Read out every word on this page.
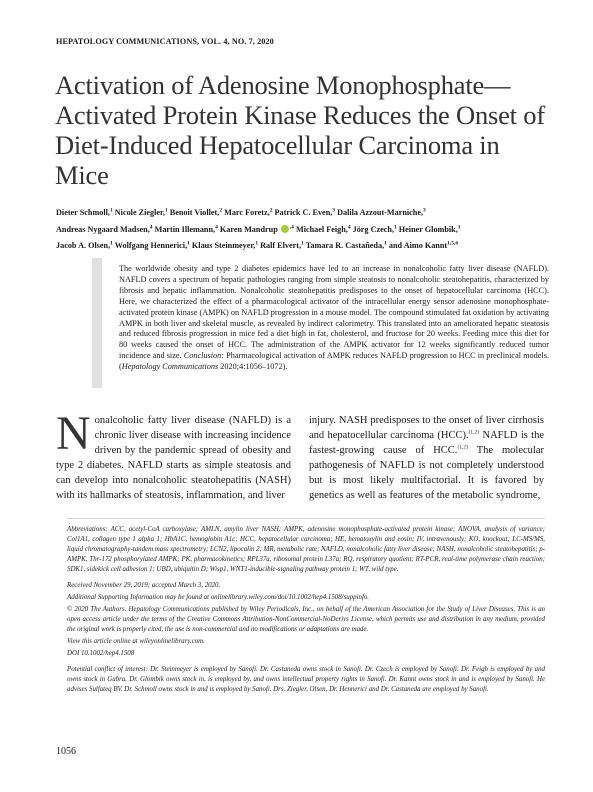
HEPATOLOGY COMMUNICATIONS, VOL. 4, NO. 7, 2020
Activation of Adenosine Monophosphate—Activated Protein Kinase Reduces the Onset of Diet-Induced Hepatocellular Carcinoma in Mice
Dieter Schmoll,$^1$ Nicole Ziegler,$^1$ Benoit Viollet,$^2$ Marc Foretz,$^2$ Patrick C. Even,$^3$ Dalila Azzout-Marniche,$^3$
Andreas Nygaard Madsen,$^4$ Martin Illemann,$^4$ Karen Mandrup $^{,4}$ Michael Feigh,$^4$ Jörg Czech,$^1$ Heiner Glombik,$^1$
Jacob A. Olsen,$^1$ Wolfgang Hennerici,$^1$ Klaus Steinmeyer,$^1$ Ralf Elvert,$^1$ Tamara R. Castañeda,$^1$ and Aimo Kannt$^{1,5,6}$
The worldwide obesity and type 2 diabetes epidemics have led to an increase in nonalcoholic fatty liver disease (NAFLD). NAFLD covers a spectrum of hepatic pathologies ranging from simple steatosis to nonalcoholic steatohepatitis, characterized by fibrosis and hepatic inflammation. Nonalcoholic steatohepatitis predisposes to the onset of hepatocellular carcinoma (HCC). Here, we characterized the effect of a pharmacological activator of the intracellular energy sensor adenosine monophosphate-activated protein kinase (AMPK) on NAFLD progression in a mouse model. The compound stimulated fat oxidation by activating AMPK in both liver and skeletal muscle, as revealed by indirect calorimetry. This translated into an ameliorated hepatic steatosis and reduced fibrosis progression in mice fed a diet high in fat, cholesterol, and fructose for 20 weeks. Feeding mice this diet for 80 weeks caused the onset of HCC. The administration of the AMPK activator for 12 weeks significantly reduced tumor incidence and size. Conclusion: Pharmacological activation of AMPK reduces NAFLD progression to HCC in preclinical models. (Hepatology Communications 2020;4:1056–1072).
Nonalcoholic fatty liver disease (NAFLD) is a chronic liver disease with increasing incidence driven by the pandemic spread of obesity and type 2 diabetes. NAFLD starts as simple steatosis and can develop into nonalcoholic steatohepatitis (NASH) with its hallmarks of steatosis, inflammation, and liver
injury. NASH predisposes to the onset of liver cirrhosis and hepatocellular carcinoma (HCC).$^{(1,2)}$ NAFLD is the fastest-growing cause of HCC.$^{(1,2)}$ The molecular pathogenesis of NAFLD is not completely understood but is most likely multifactorial. It is favored by genetics as well as features of the metabolic syndrome,

Abbreviations: ACC, acetyl-CoA carboxylase; AMLN, amylin liver NASH; AMPK, adenosine monophosphate-activated protein kinase; ANOVA, analysis of variance; Col1A1, collagen type 1 alpha 1; HbA1C, hemoglobin A1c; HCC, hepatocellular carcinoma; HE, hematoxylin and eosin; IV, intravenously; KO, knockout; LC-MS/MS, liquid chromatography-tandem mass spectrometry; LCN2, lipocalin 2; MR, metabolic rate; NAFLD, nonalcoholic fatty liver disease; NASH, nonalcoholic steatohepatitis; p-AMPK, Thr-172 phosphorylated AMPK; PK, pharmacokinetics; RPL37a, ribosomal protein L37a; RQ, respiratory quotient; RT-PCR, real-time polymerase chain reaction; SDK1, sidekick cell adhesion 1; UBD, ubiquitin D; Wisp1, WNT1-inducible-signaling pathway protein 1; WT, wild type.

Received November 29, 2019; accepted March 3, 2020.

Additional Supporting Information may be found at onlinelibrary.wiley.com/doi/10.1002/hep4.1508/suppinfo.

© 2020 The Authors. Hepatology Communications published by Wiley Periodicals, Inc., on behalf of the American Association for the Study of Liver Diseases. This is an open access article under the terms of the Creative Commons Attribution-NonCommercial-NoDerivs License, which permits use and distribution in any medium, provided the original work is properly cited, the use is non-commercial and no modifications or adaptations are made.

View this article online at wileyonlinelibrary.com.

DOI 10.1002/hep4.1508

Potential conflict of interest: Dr. Steinmeyer is employed by Sanofi. Dr. Castaneda owns stock in Sanofi. Dr. Czech is employed by Sanofi. Dr. Feigh is employed by and owns stock in Gubra. Dr. Glombik owns stock in, is employed by, and owns intellectual property rights in Sanofi. Dr. Kannt owns stock in and is employed by Sanofi. He advises Sulfateq BV. Dr. Schmoll owns stock in and is employed by Sanofi. Drs. Ziegler, Olsen, Dr. Hennerici and Dr. Castaneda are employed by Sanofi.

1056
